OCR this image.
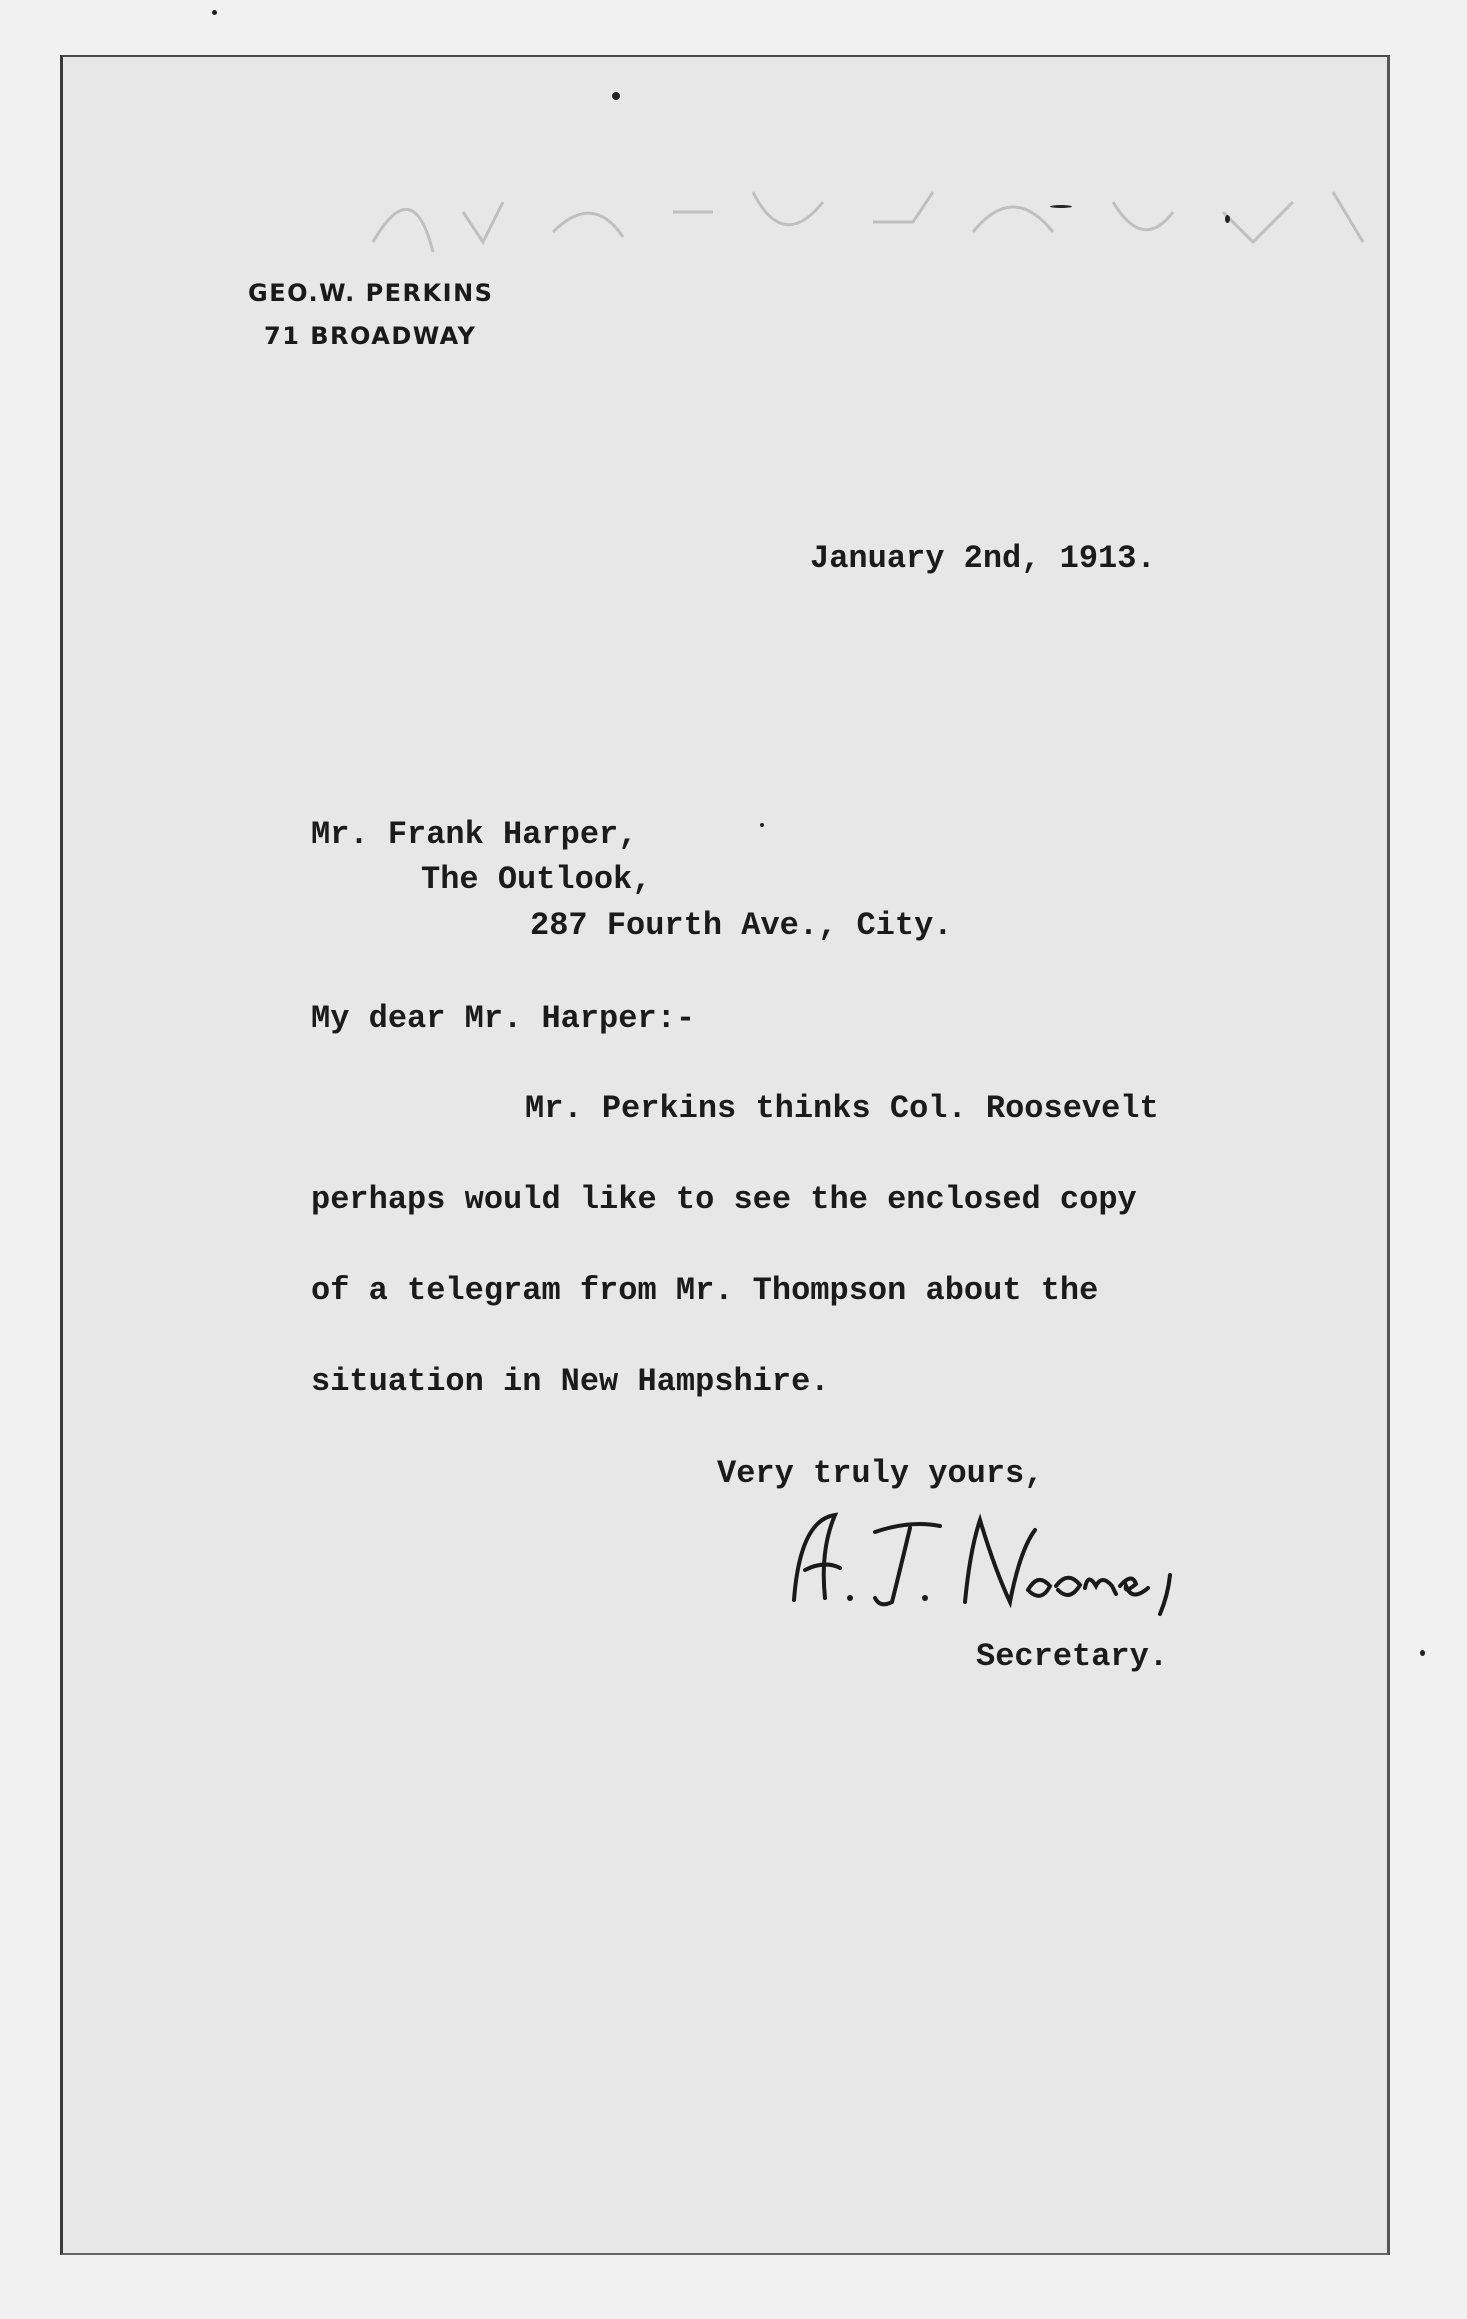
GEO.W. PERKINS
71 BROADWAY
January 2nd, 1913.
Mr. Frank Harper,
The Outlook,
287 Fourth Ave., City.
My dear Mr. Harper:-
Mr. Perkins thinks Col. Roosevelt
perhaps would like to see the enclosed copy
of a telegram from Mr. Thompson about the
situation in New Hampshire.
Very truly yours,
Secretary.
